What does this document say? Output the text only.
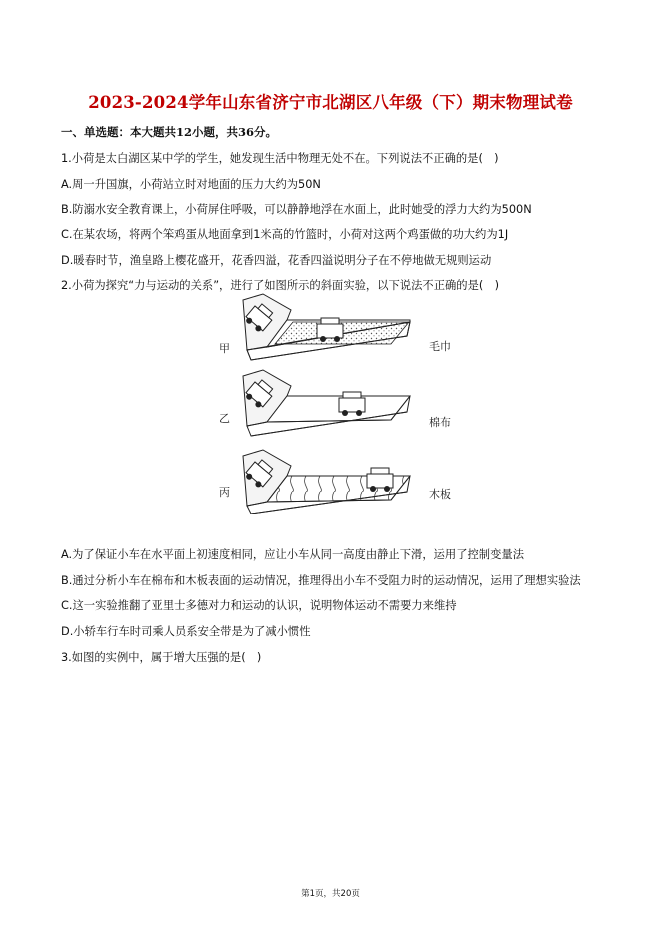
2023-2024学年山东省济宁市北湖区八年级（下）期末物理试卷
一、单选题：本大题共12小题，共36分。
1.小荷是太白湖区某中学的学生，她发现生活中物理无处不在。下列说法不正确的是(　)
A.周一升国旗，小荷站立时对地面的压力大约为50N
B.防溺水安全教育课上，小荷屏住呼吸，可以静静地浮在水面上，此时她受的浮力大约为500N
C.在某农场，将两个笨鸡蛋从地面拿到1米高的竹篮时，小荷对这两个鸡蛋做的功大约为1J
D.暖春时节，渔皇路上樱花盛开，花香四溢，花香四溢说明分子在不停地做无规则运动
2.小荷为探究“力与运动的关系”，进行了如图所示的斜面实验，以下说法不正确的是(　)
甲	毛巾
乙	棉布
丙	木板
A.为了保证小车在水平面上初速度相同，应让小车从同一高度由静止下滑，运用了控制变量法
B.通过分析小车在棉布和木板表面的运动情况，推理得出小车不受阻力时的运动情况，运用了理想实验法
C.这一实验推翻了亚里士多德对力和运动的认识，说明物体运动不需要力来维持
D.小轿车行车时司乘人员系安全带是为了减小惯性
3.如图的实例中，属于增大压强的是(　)
第1页，共20页
